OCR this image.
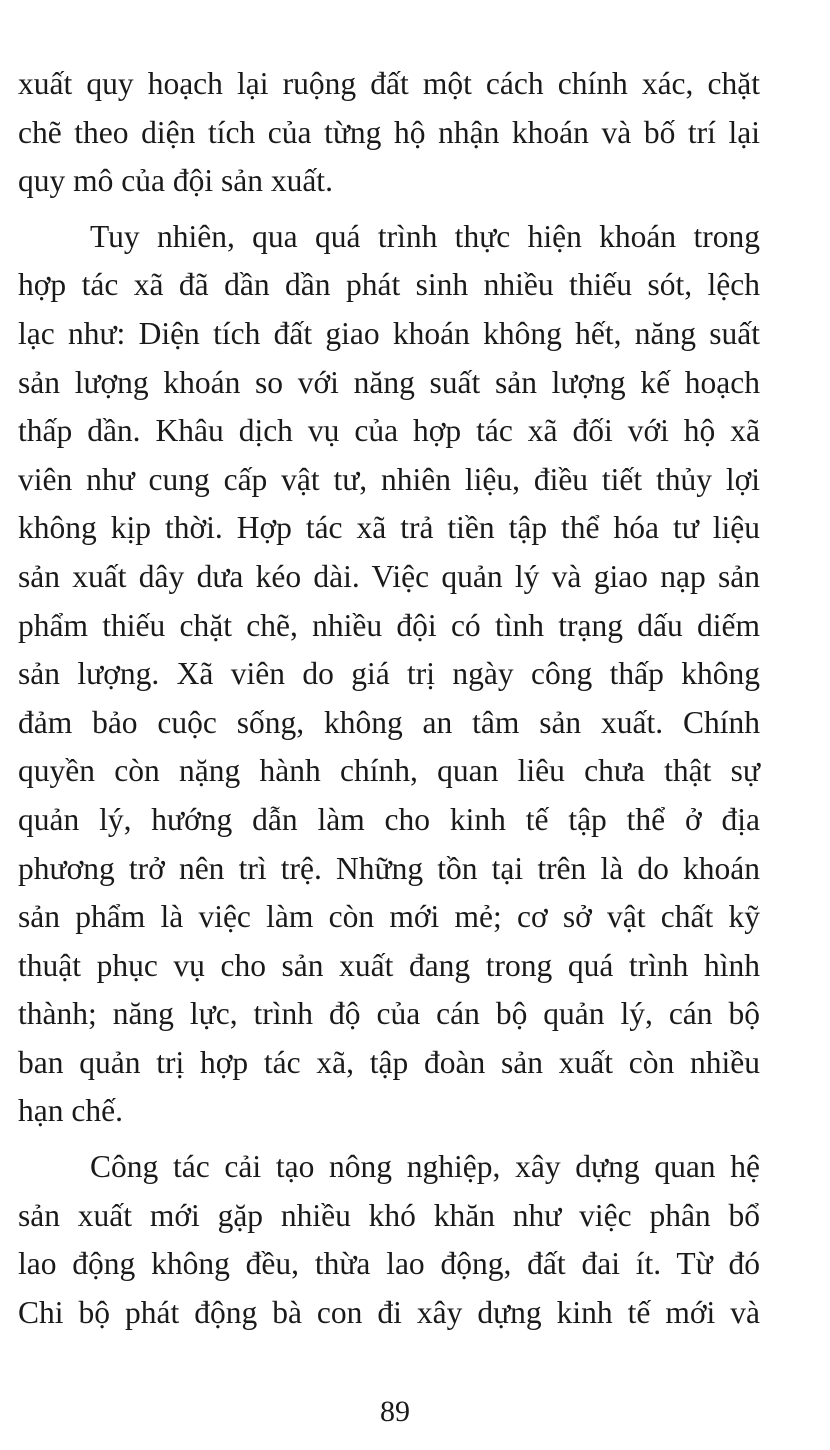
xuất quy hoạch lại ruộng đất một cách chính xác, chặt
chẽ theo diện tích của từng hộ nhận khoán và bố trí lại
quy mô của đội sản xuất.

Tuy nhiên, qua quá trình thực hiện khoán trong
hợp tác xã đã dần dần phát sinh nhiều thiếu sót, lệch
lạc như: Diện tích đất giao khoán không hết, năng suất
sản lượng khoán so với năng suất sản lượng kế hoạch
thấp dần. Khâu dịch vụ của hợp tác xã đối với hộ xã
viên như cung cấp vật tư, nhiên liệu, điều tiết thủy lợi
không kịp thời. Hợp tác xã trả tiền tập thể hóa tư liệu
sản xuất dây dưa kéo dài. Việc quản lý và giao nạp sản
phẩm thiếu chặt chẽ, nhiều đội có tình trạng dấu diếm
sản lượng. Xã viên do giá trị ngày công thấp không
đảm bảo cuộc sống, không an tâm sản xuất. Chính
quyền còn nặng hành chính, quan liêu chưa thật sự
quản lý, hướng dẫn làm cho kinh tế tập thể ở địa
phương trở nên trì trệ. Những tồn tại trên là do khoán
sản phẩm là việc làm còn mới mẻ; cơ sở vật chất kỹ
thuật phục vụ cho sản xuất đang trong quá trình hình
thành; năng lực, trình độ của cán bộ quản lý, cán bộ
ban quản trị hợp tác xã, tập đoàn sản xuất còn nhiều
hạn chế.

Công tác cải tạo nông nghiệp, xây dựng quan hệ
sản xuất mới gặp nhiều khó khăn như việc phân bổ
lao động không đều, thừa lao động, đất đai ít. Từ đó
Chi bộ phát động bà con đi xây dựng kinh tế mới và

89
